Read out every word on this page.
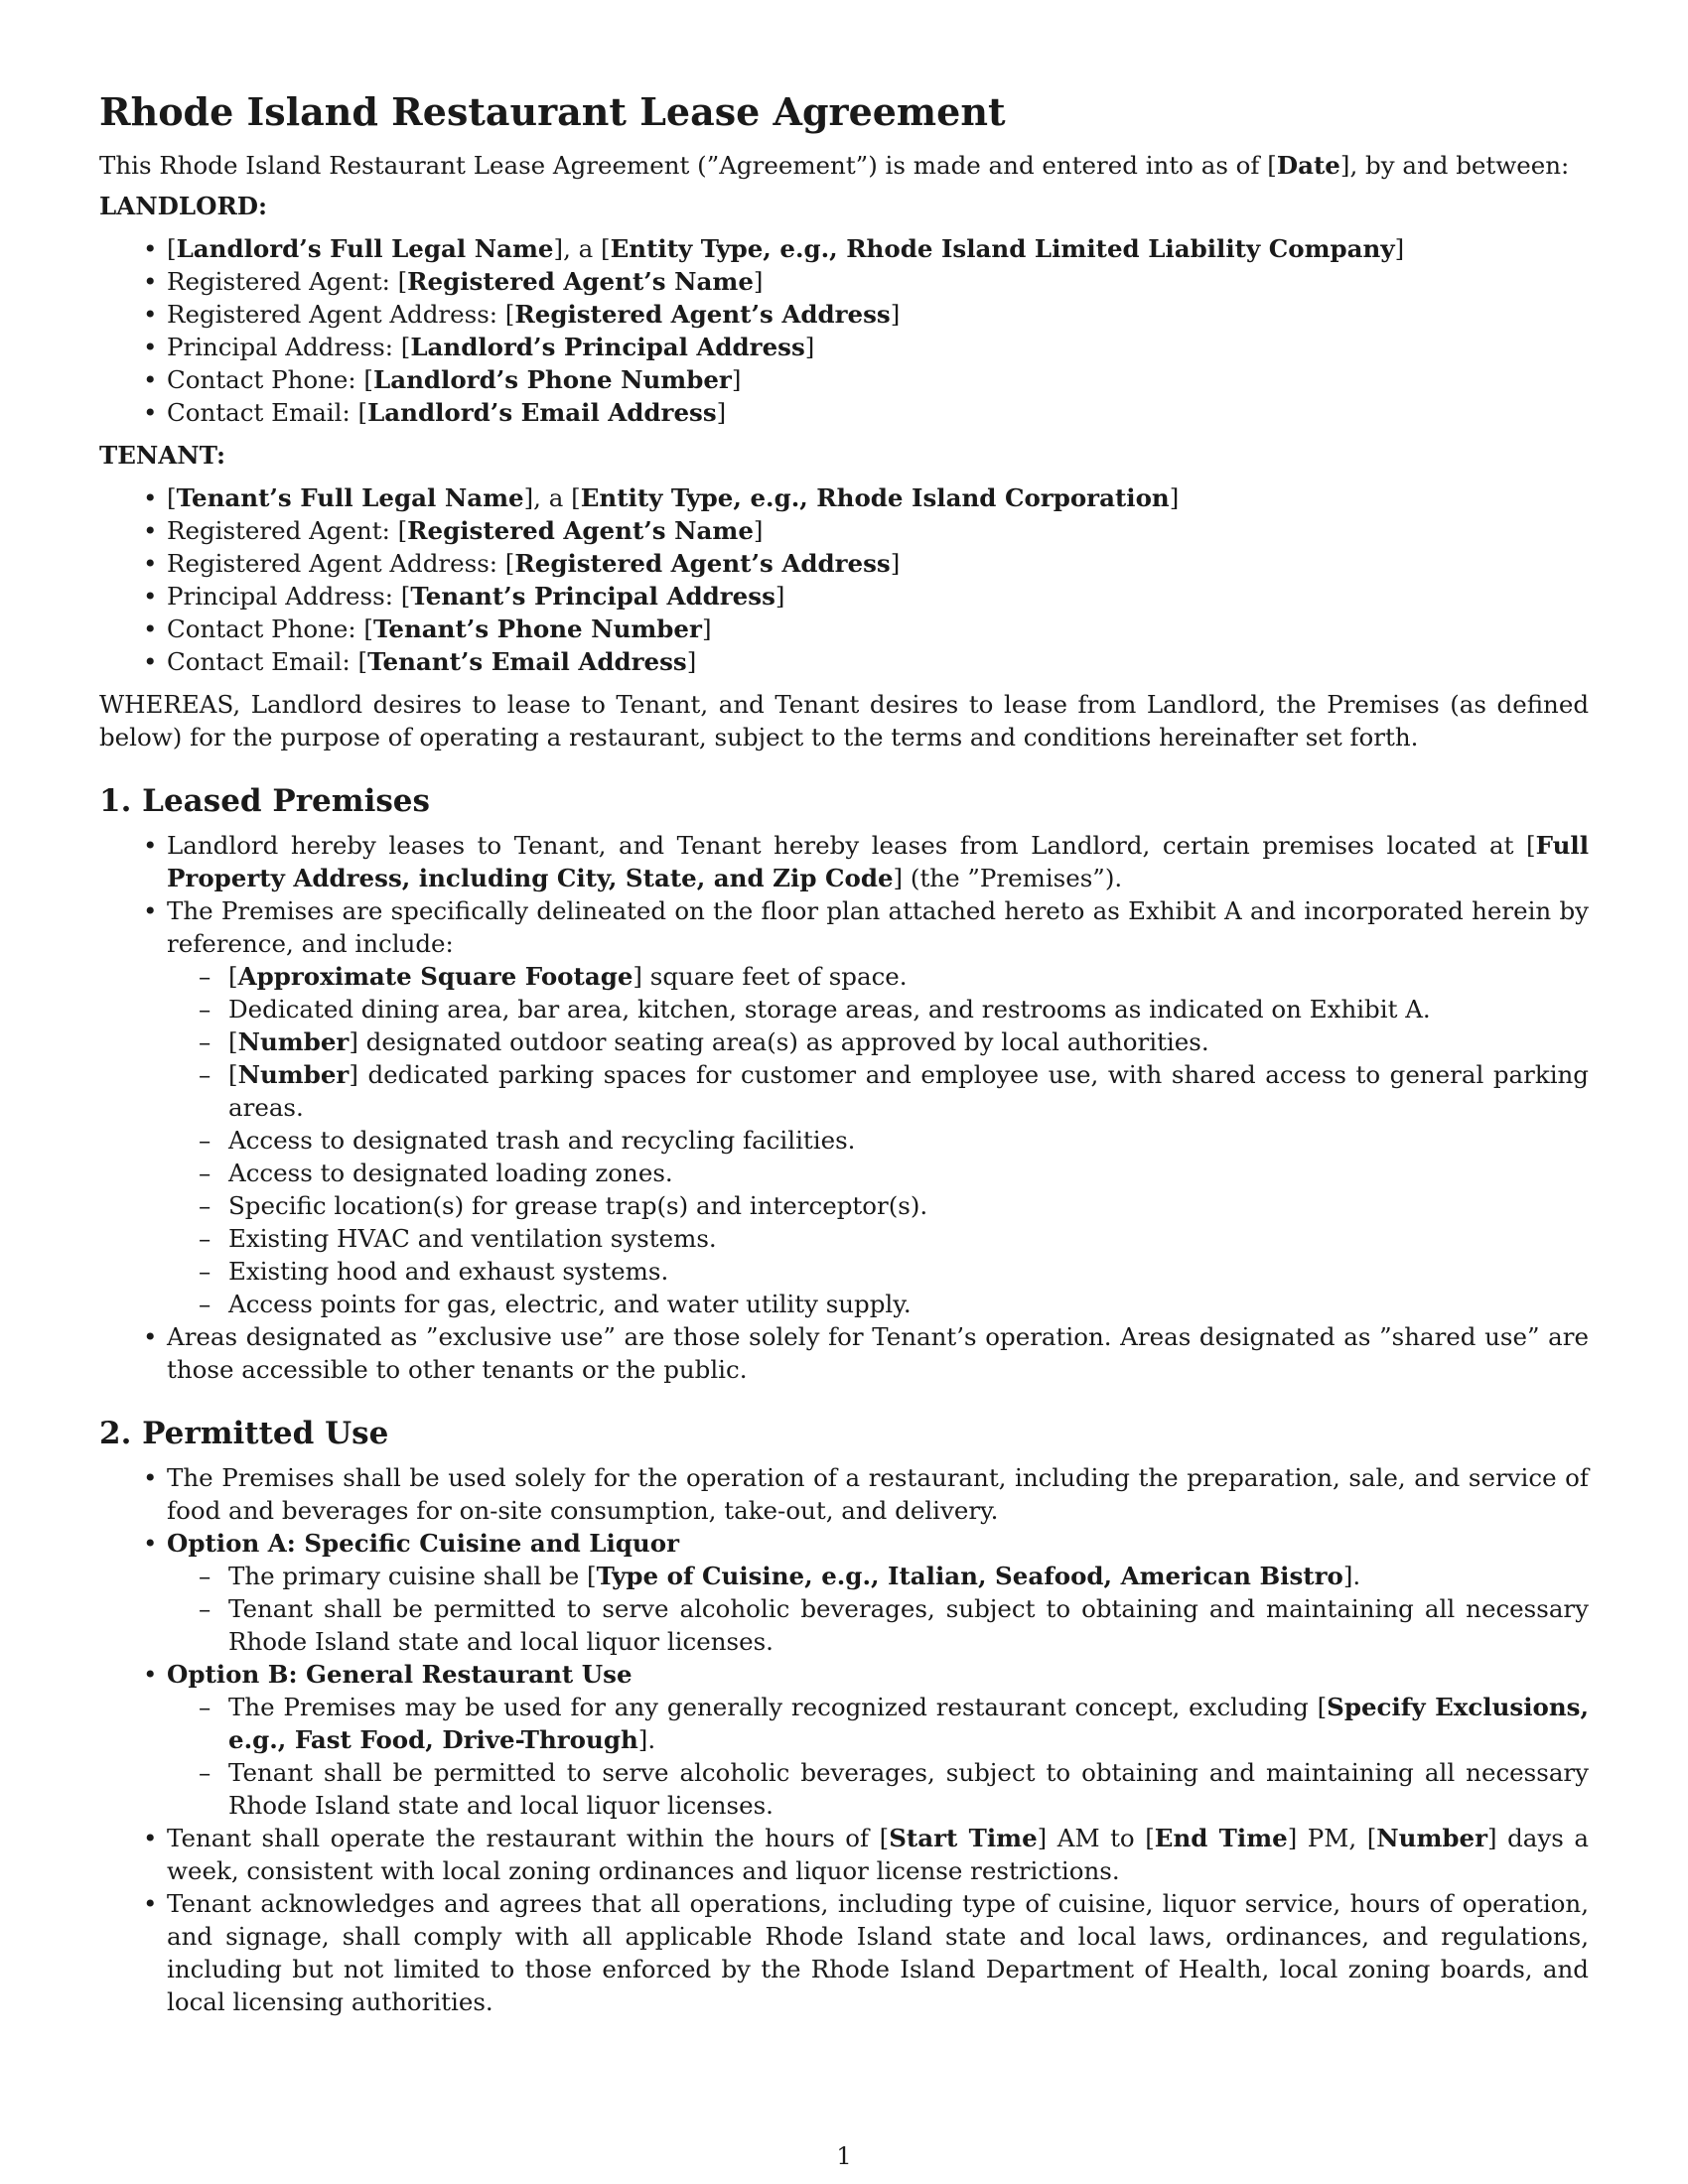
Rhode Island Restaurant Lease Agreement

This Rhode Island Restaurant Lease Agreement (”Agreement”) is made and entered into as of [Date], by and between:

LANDLORD:
• [Landlord’s Full Legal Name], a [Entity Type, e.g., Rhode Island Limited Liability Company]
• Registered Agent: [Registered Agent’s Name]
• Registered Agent Address: [Registered Agent’s Address]
• Principal Address: [Landlord’s Principal Address]
• Contact Phone: [Landlord’s Phone Number]
• Contact Email: [Landlord’s Email Address]
TENANT:
• [Tenant’s Full Legal Name], a [Entity Type, e.g., Rhode Island Corporation]
• Registered Agent: [Registered Agent’s Name]
• Registered Agent Address: [Registered Agent’s Address]
• Principal Address: [Tenant’s Principal Address]
• Contact Phone: [Tenant’s Phone Number]
• Contact Email: [Tenant’s Email Address]

WHEREAS, Landlord desires to lease to Tenant, and Tenant desires to lease from Landlord, the Premises (as defined below) for the purpose of operating a restaurant, subject to the terms and conditions hereinafter set forth.

1. Leased Premises
• Landlord hereby leases to Tenant, and Tenant hereby leases from Landlord, certain premises located at [Full Property Address, including City, State, and Zip Code] (the ”Premises”).
• The Premises are specifically delineated on the floor plan attached hereto as Exhibit A and incorporated herein by reference, and include:
– [Approximate Square Footage] square feet of space.
– Dedicated dining area, bar area, kitchen, storage areas, and restrooms as indicated on Exhibit A.
– [Number] designated outdoor seating area(s) as approved by local authorities.
– [Number] dedicated parking spaces for customer and employee use, with shared access to general parking areas.
– Access to designated trash and recycling facilities.
– Access to designated loading zones.
– Specific location(s) for grease trap(s) and interceptor(s).
– Existing HVAC and ventilation systems.
– Existing hood and exhaust systems.
– Access points for gas, electric, and water utility supply.
• Areas designated as ”exclusive use” are those solely for Tenant’s operation. Areas designated as ”shared use” are those accessible to other tenants or the public.
2. Permitted Use
• The Premises shall be used solely for the operation of a restaurant, including the preparation, sale, and service of food and beverages for on-site consumption, take-out, and delivery.
• Option A: Specific Cuisine and Liquor
– The primary cuisine shall be [Type of Cuisine, e.g., Italian, Seafood, American Bistro].
– Tenant shall be permitted to serve alcoholic beverages, subject to obtaining and maintaining all necessary Rhode Island state and local liquor licenses.
• Option B: General Restaurant Use
– The Premises may be used for any generally recognized restaurant concept, excluding [Specify Exclusions, e.g., Fast Food, Drive-Through].
– Tenant shall be permitted to serve alcoholic beverages, subject to obtaining and maintaining all necessary Rhode Island state and local liquor licenses.
• Tenant shall operate the restaurant within the hours of [Start Time] AM to [End Time] PM, [Number] days a week, consistent with local zoning ordinances and liquor license restrictions.
• Tenant acknowledges and agrees that all operations, including type of cuisine, liquor service, hours of operation, and signage, shall comply with all applicable Rhode Island state and local laws, ordinances, and regulations, including but not limited to those enforced by the Rhode Island Department of Health, local zoning boards, and local licensing authorities.
1
